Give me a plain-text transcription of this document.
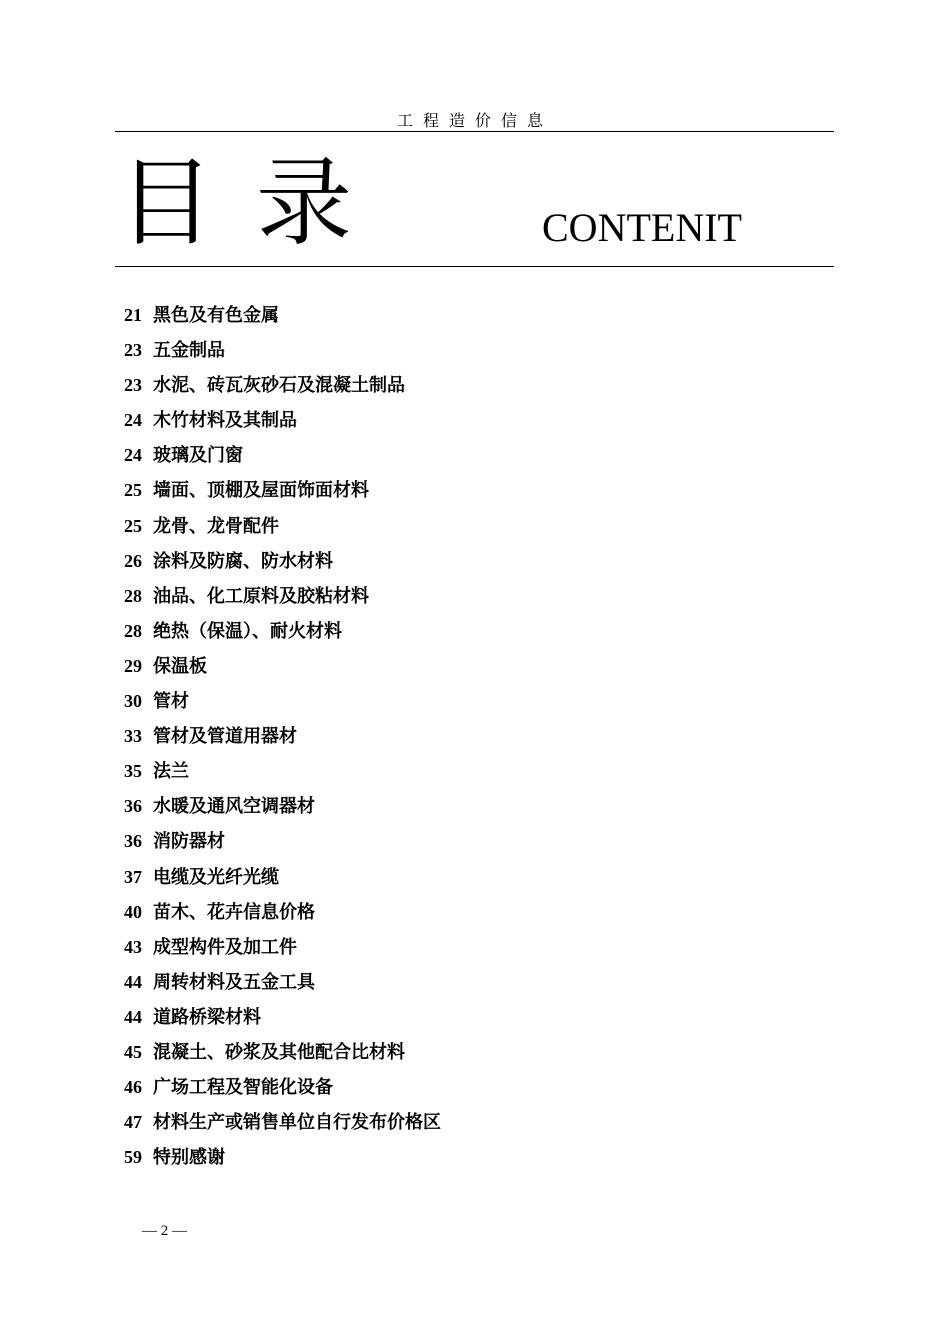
工程造价信息
目录	CONTENIT
21 黑色及有色金属
23 五金制品
23 水泥、砖瓦灰砂石及混凝土制品
24 木竹材料及其制品
24 玻璃及门窗
25 墙面、顶棚及屋面饰面材料
25 龙骨、龙骨配件
26 涂料及防腐、防水材料
28 油品、化工原料及胶粘材料
28 绝热（保温）、耐火材料
29 保温板
30 管材
33 管材及管道用器材
35 法兰
36 水暖及通风空调器材
36 消防器材
37 电缆及光纤光缆
40 苗木、花卉信息价格
43 成型构件及加工件
44 周转材料及五金工具
44 道路桥梁材料
45 混凝土、砂浆及其他配合比材料
46 广场工程及智能化设备
47 材料生产或销售单位自行发布价格区
59 特别感谢
— 2 —
